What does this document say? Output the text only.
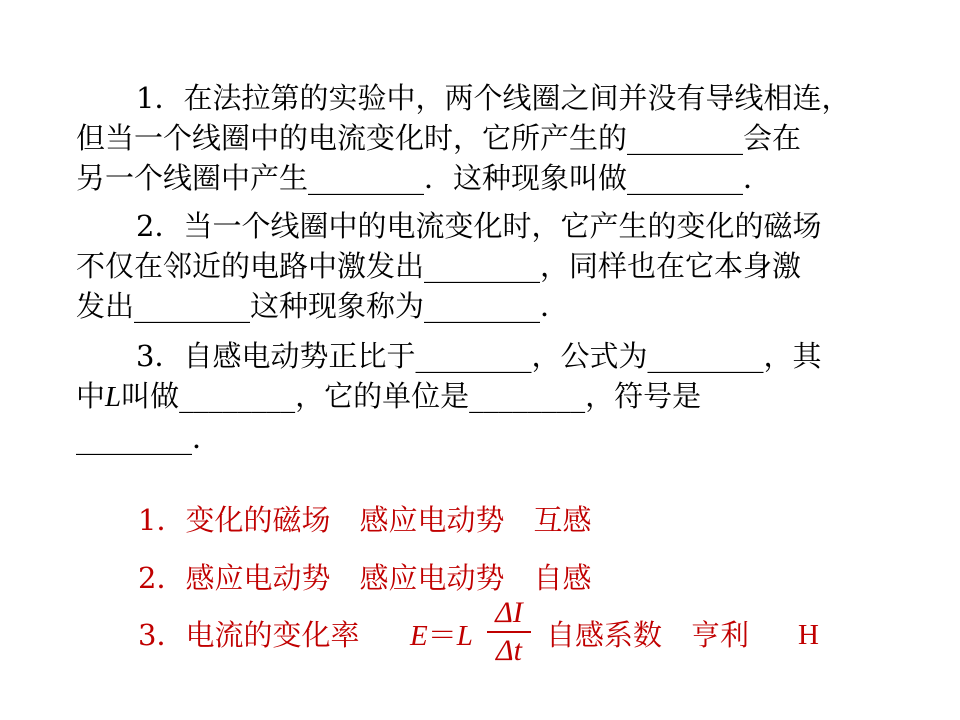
1．在法拉第的实验中，两个线圈之间并没有导线相连，
但当一个线圈中的电流变化时，它所产生的________会在
另一个线圈中产生________．这种现象叫做________．
2．当一个线圈中的电流变化时，它产生的变化的磁场
不仅在邻近的电路中激发出________，同样也在它本身激
发出________这种现象称为________．
3．自感电动势正比于________，公式为________，其
中L叫做________，它的单位是________，符号是
________．
1．变化的磁场　感应电动势　互感
2．感应电动势　感应电动势　自感
3．电流的变化率 E＝L
ΔI
Δt 自感系数　亨利 H
